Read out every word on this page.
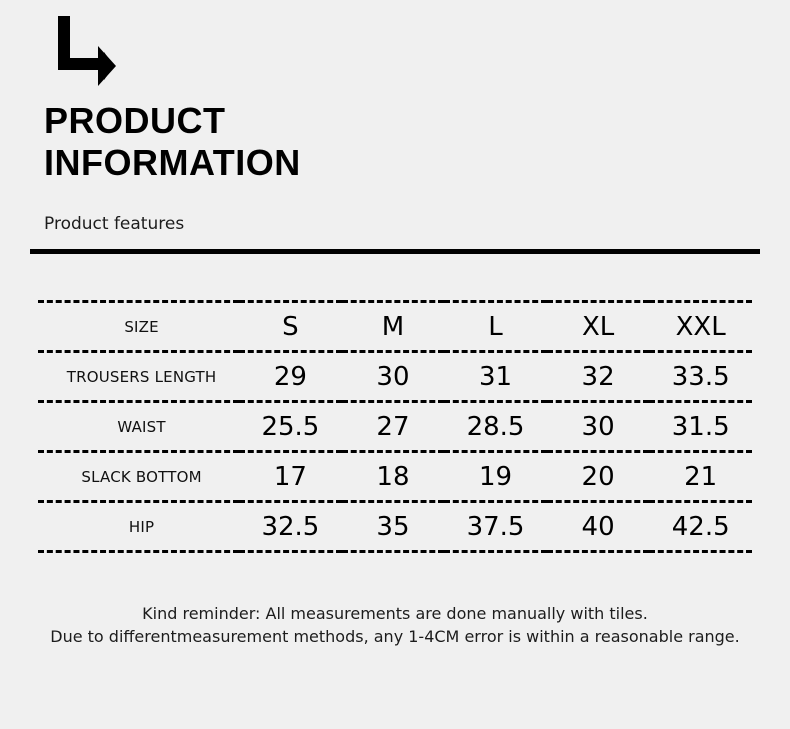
PRODUCT
INFORMATION
Product features
SIZE	S	M	L	XL	XXL
TROUSERS LENGTH	29	30	31	32	33.5
WAIST	25.5	27	28.5	30	31.5
SLACK BOTTOM	17	18	19	20	21
HIP	32.5	35	37.5	40	42.5
Kind reminder: All measurements are done manually with tiles.
Due to differentmeasurement methods, any 1-4CM error is within a reasonable range.
